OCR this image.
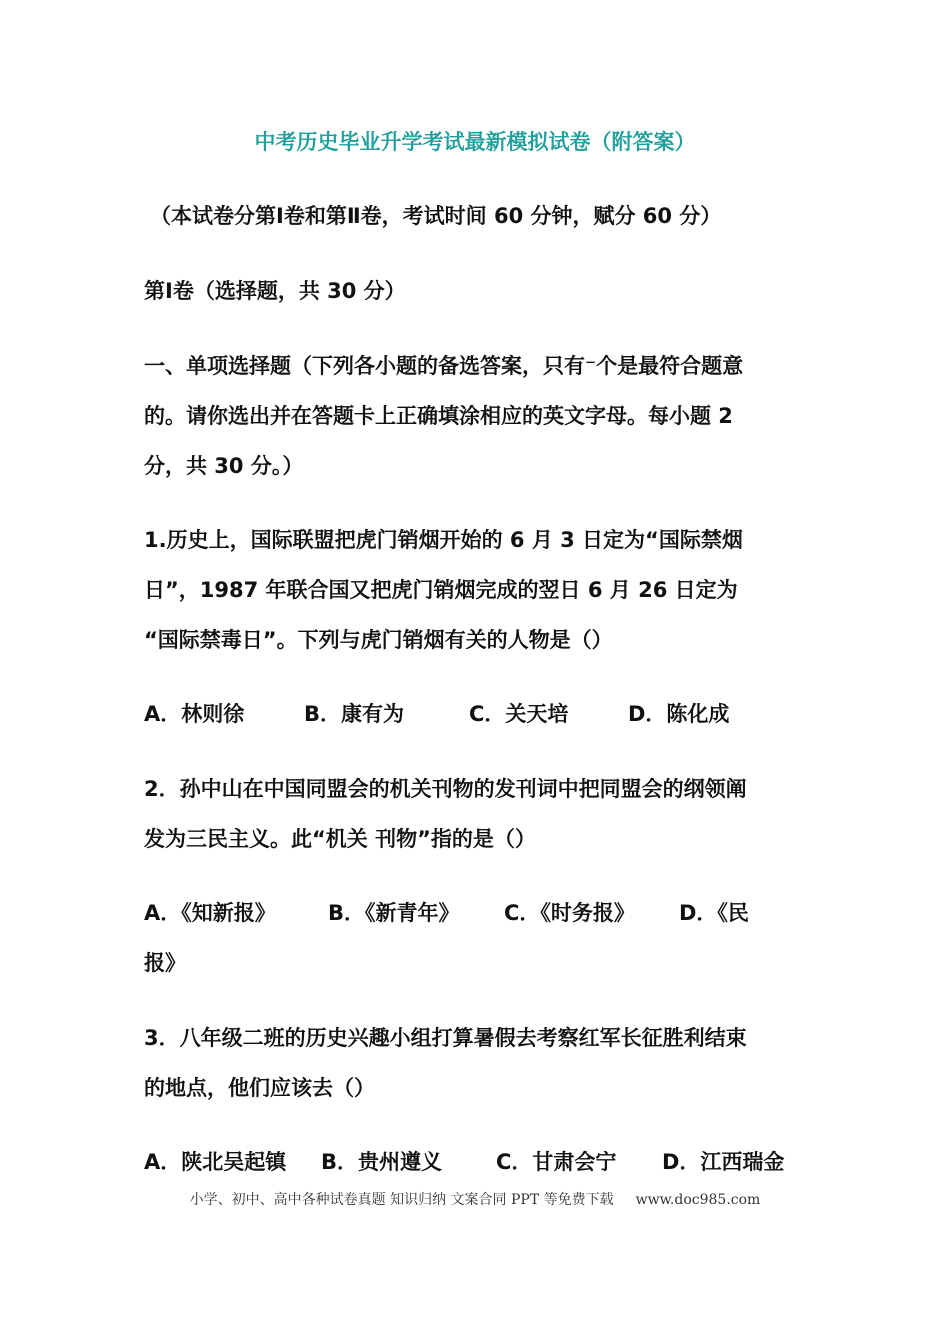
中考历史毕业升学考试最新模拟试卷（附答案）
（本试卷分第Ⅰ卷和第Ⅱ卷，考试时间 60 分钟，赋分 60 分）
第Ⅰ卷（选择题，共 30 分）
一、单项选择题（下列各小题的备选答案，只有⁻个是最符合题意
的。请你选出并在答题卡上正确填涂相应的英文字母。每小题 2
分，共 30 分。）
1.历史上，国际联盟把虎门销烟开始的 6 月 3 日定为“国际禁烟
日”，1987 年联合国又把虎门销烟完成的翌日 6 月 26 日定为
“国际禁毒日”。下列与虎门销烟有关的人物是（）
A．林则徐	B．康有为	C．关天培	D．陈化成
2．孙中山在中国同盟会的机关刊物的发刊词中把同盟会的纲领阐
发为三民主义。此“机关 刊物”指的是（）
A．《知新报》 B．《新青年》 C．《时务报》 D．《民
报》
3．八年级二班的历史兴趣小组打算暑假去考察红军长征胜利结束
的地点，他们应该去（）
A．陕北吴起镇 B．贵州遵义	C．甘肃会宁 D．江西瑞金
小学、初中、高中各种试卷真题 知识归纳 文案合同 PPT 等免费下载 www.doc985.com
